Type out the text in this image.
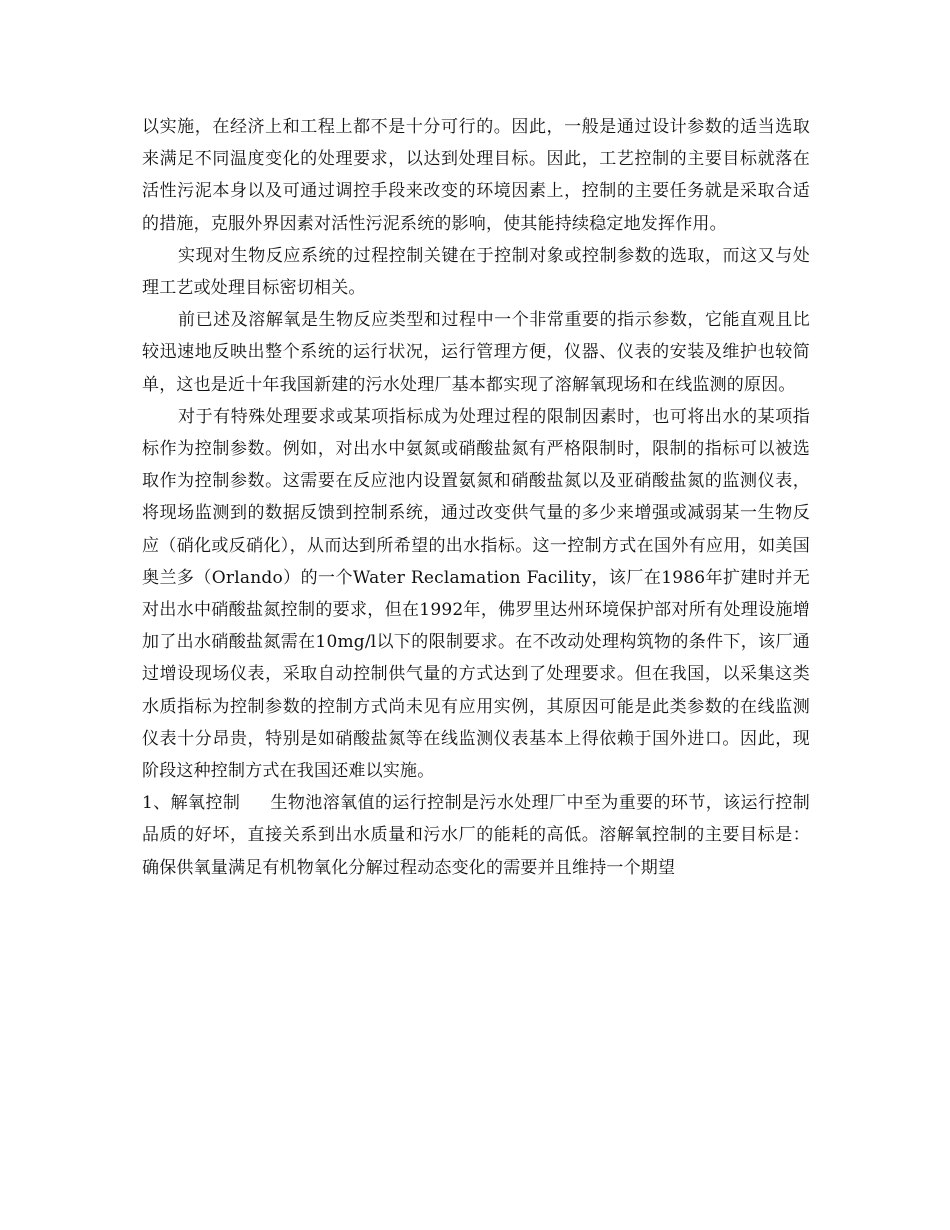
以实施，在经济上和工程上都不是十分可行的。因此，一般是通过设计参数的适当选取来满足不同温度变化的处理要求，以达到处理目标。因此，工艺控制的主要目标就落在活性污泥本身以及可通过调控手段来改变的环境因素上，控制的主要任务就是采取合适的措施，克服外界因素对活性污泥系统的影响，使其能持续稳定地发挥作用。

实现对生物反应系统的过程控制关键在于控制对象或控制参数的选取，而这又与处理工艺或处理目标密切相关。

前已述及溶解氧是生物反应类型和过程中一个非常重要的指示参数，它能直观且比较迅速地反映出整个系统的运行状况，运行管理方便，仪器、仪表的安装及维护也较简单，这也是近十年我国新建的污水处理厂基本都实现了溶解氧现场和在线监测的原因。

对于有特殊处理要求或某项指标成为处理过程的限制因素时，也可将出水的某项指标作为控制参数。例如，对出水中氨氮或硝酸盐氮有严格限制时，限制的指标可以被选取作为控制参数。这需要在反应池内设置氨氮和硝酸盐氮以及亚硝酸盐氮的监测仪表，将现场监测到的数据反馈到控制系统，通过改变供气量的多少来增强或减弱某一生物反应（硝化或反硝化），从而达到所希望的出水指标。这一控制方式在国外有应用，如美国奥兰多（Orlando）的一个Water Reclamation Facility，该厂在1986年扩建时并无对出水中硝酸盐氮控制的要求，但在1992年，佛罗里达州环境保护部对所有处理设施增加了出水硝酸盐氮需在10mg/l以下的限制要求。在不改动处理构筑物的条件下，该厂通过增设现场仪表，采取自动控制供气量的方式达到了处理要求。但在我国，以采集这类水质指标为控制参数的控制方式尚未见有应用实例，其原因可能是此类参数的在线监测仪表十分昂贵，特别是如硝酸盐氮等在线监测仪表基本上得依赖于国外进口。因此，现阶段这种控制方式在我国还难以实施。

1、解氧控制 生物池溶氧值的运行控制是污水处理厂中至为重要的环节，该运行控制品质的好坏，直接关系到出水质量和污水厂的能耗的高低。溶解氧控制的主要目标是：确保供氧量满足有机物氧化分解过程动态变化的需要并且维持一个期望
